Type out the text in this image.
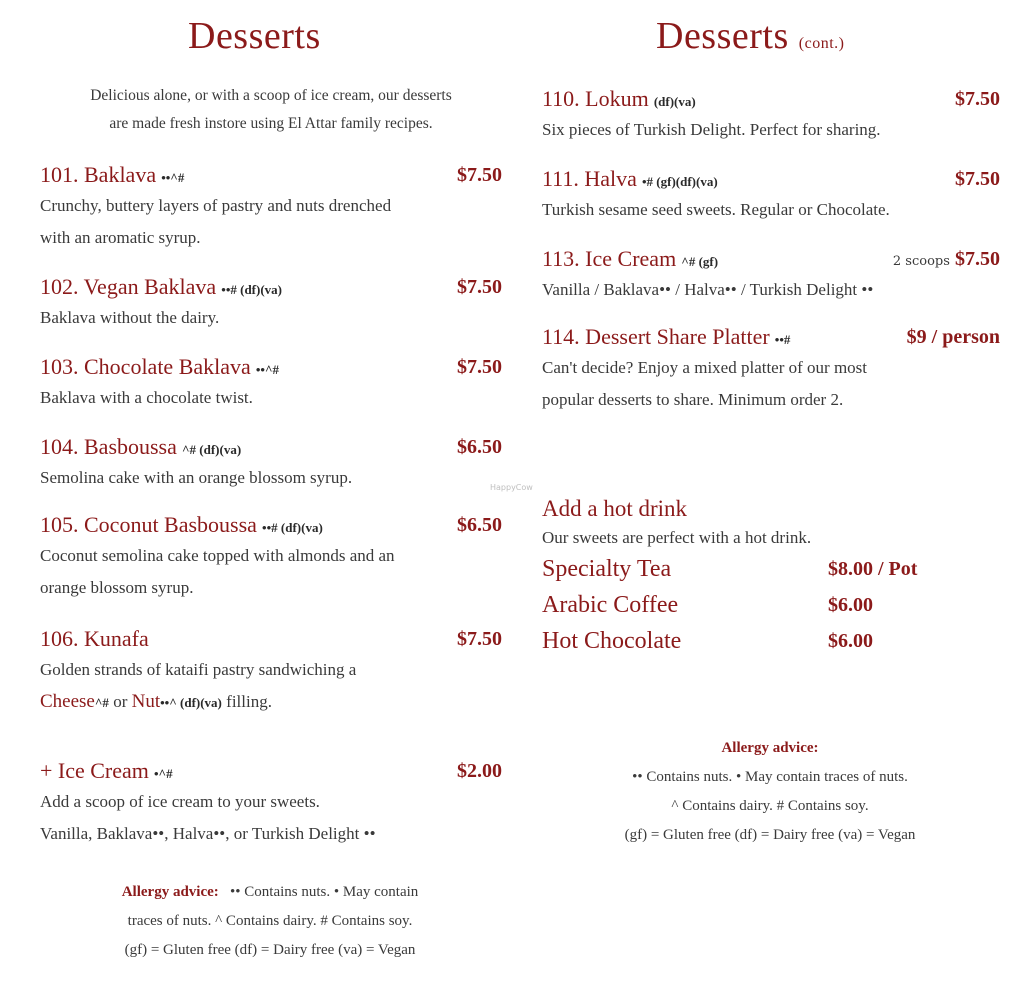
Desserts
Delicious alone, or with a scoop of ice cream, our desserts
are made fresh instore using El Attar family recipes.
101. Baklava ••^#	$7.50
Crunchy, buttery layers of pastry and nuts drenched
with an aromatic syrup.
102. Vegan Baklava ••# (df)(va)	$7.50
Baklava without the dairy.
103. Chocolate Baklava ••^#	$7.50
Baklava with a chocolate twist.
104. Basboussa ^# (df)(va)	$6.50
Semolina cake with an orange blossom syrup.
105. Coconut Basboussa ••# (df)(va)	$6.50
Coconut semolina cake topped with almonds and an
orange blossom syrup.
106. Kunafa	$7.50
Golden strands of kataifi pastry sandwiching a
Cheese^# or Nut••^ (df)(va) filling.
+ Ice Cream •^#	$2.00
Add a scoop of ice cream to your sweets.
Vanilla, Baklava••, Halva••, or Turkish Delight ••
Allergy advice: •• Contains nuts. • May contain
traces of nuts. ^ Contains dairy. # Contains soy.
(gf) = Gluten free (df) = Dairy free (va) = Vegan
HappyCow
Desserts (cont.)
110. Lokum (df)(va)	$7.50
Six pieces of Turkish Delight. Perfect for sharing.
111. Halva •# (gf)(df)(va)	$7.50
Turkish sesame seed sweets. Regular or Chocolate.
113. Ice Cream ^# (gf)	2 scoops $7.50
Vanilla / Baklava•• / Halva•• / Turkish Delight ••
114. Dessert Share Platter ••#	$9 / person
Can't decide? Enjoy a mixed platter of our most
popular desserts to share. Minimum order 2.
Add a hot drink
Our sweets are perfect with a hot drink.
Specialty Tea	$8.00 / Pot
Arabic Coffee	$6.00
Hot Chocolate	$6.00
Allergy advice:
•• Contains nuts. • May contain traces of nuts.
^ Contains dairy. # Contains soy.
(gf) = Gluten free (df) = Dairy free (va) = Vegan
